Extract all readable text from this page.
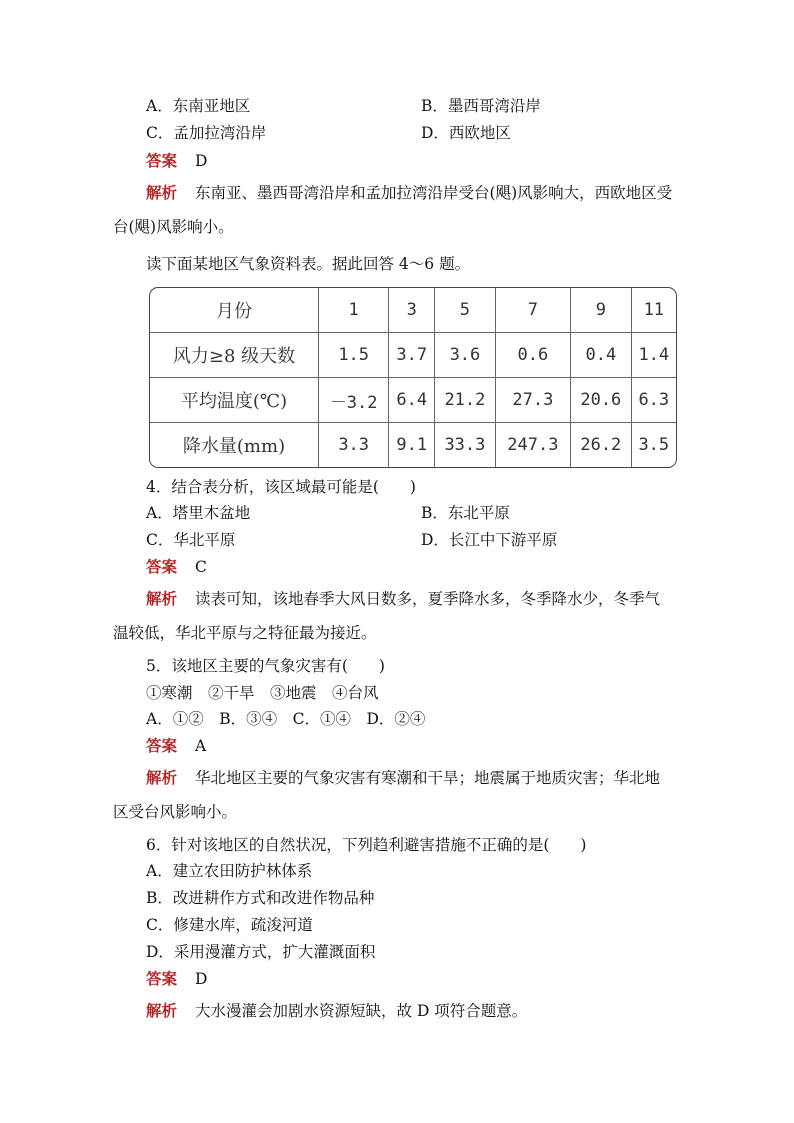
A．东南亚地区	B．墨西哥湾沿岸
C．孟加拉湾沿岸	D．西欧地区
答案 D
解析 东南亚、墨西哥湾沿岸和孟加拉湾沿岸受台(飓)风影响大，西欧地区受
台(飓)风影响小。
读下面某地区气象资料表。据此回答 4～6 题。
月份	1	3	5	7	9	11
风力≥8 级天数	1.5	3.7	3.6	0.6	0.4	1.4
平均温度(℃)	－3.2	6.4	21.2	27.3	20.6	6.3
降水量(mm)	3.3	9.1	33.3	247.3	26.2	3.5
4．结合表分析，该区域最可能是(　　)
A．塔里木盆地	B．东北平原
C．华北平原	D．长江中下游平原
答案 C
解析 读表可知，该地春季大风日数多，夏季降水多，冬季降水少，冬季气
温较低，华北平原与之特征最为接近。
5．该地区主要的气象灾害有(　　)
①寒潮　②干旱　③地震　④台风
A．①②　B．③④　C．①④　D．②④
答案 A
解析 华北地区主要的气象灾害有寒潮和干旱；地震属于地质灾害；华北地
区受台风影响小。
6．针对该地区的自然状况，下列趋利避害措施不正确的是(　　)
A．建立农田防护林体系
B．改进耕作方式和改进作物品种
C．修建水库，疏浚河道
D．采用漫灌方式，扩大灌溉面积
答案 D
解析 大水漫灌会加剧水资源短缺，故 D 项符合题意。
